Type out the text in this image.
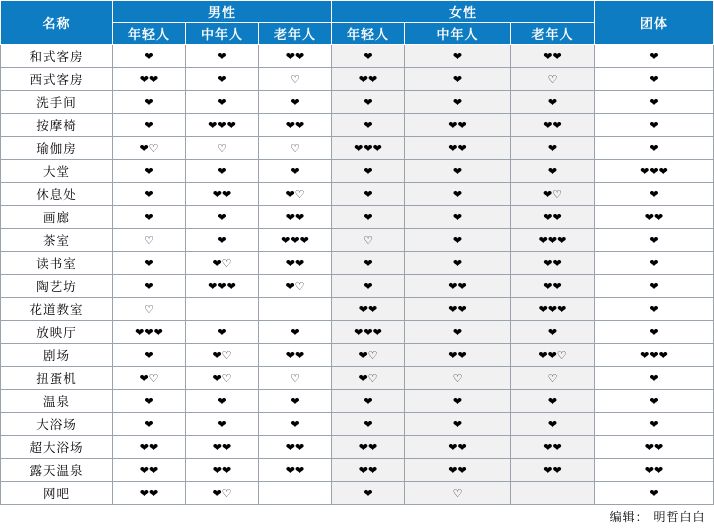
名称	男性			女性			团体
	年轻人	中年人	老年人	年轻人	中年人	老年人	
和式客房	❤	❤	❤❤	❤	❤	❤❤	❤
西式客房	❤❤	❤	♡	❤❤	❤	♡	❤
洗手间	❤	❤	❤	❤	❤	❤	❤
按摩椅	❤	❤❤❤	❤❤	❤	❤❤	❤❤	❤
瑜伽房	❤♡	♡	♡	❤❤❤	❤❤	❤	❤
大堂	❤	❤	❤	❤	❤	❤	❤❤❤
休息处	❤	❤❤	❤♡	❤	❤	❤♡	❤
画廊	❤	❤	❤❤	❤	❤	❤❤	❤❤
茶室	♡	❤	❤❤❤	♡	❤	❤❤❤	❤
读书室	❤	❤♡	❤❤	❤	❤	❤❤	❤
陶艺坊	❤	❤❤❤	❤♡	❤	❤❤	❤❤	❤
花道教室	♡			❤❤	❤❤	❤❤❤	❤
放映厅	❤❤❤	❤	❤	❤❤❤	❤	❤	❤
剧场	❤	❤♡	❤❤	❤♡	❤❤	❤❤♡	❤❤❤
扭蛋机	❤♡	❤♡	♡	❤♡	♡	♡	❤
温泉	❤	❤	❤	❤	❤	❤	❤
大浴场	❤	❤	❤	❤	❤	❤	❤
超大浴场	❤❤	❤❤	❤❤	❤❤	❤❤	❤❤	❤❤
露天温泉	❤❤	❤❤	❤❤	❤❤	❤❤	❤❤	❤❤
网吧	❤❤	❤♡		❤	♡		❤
编辑： 明哲白白							
